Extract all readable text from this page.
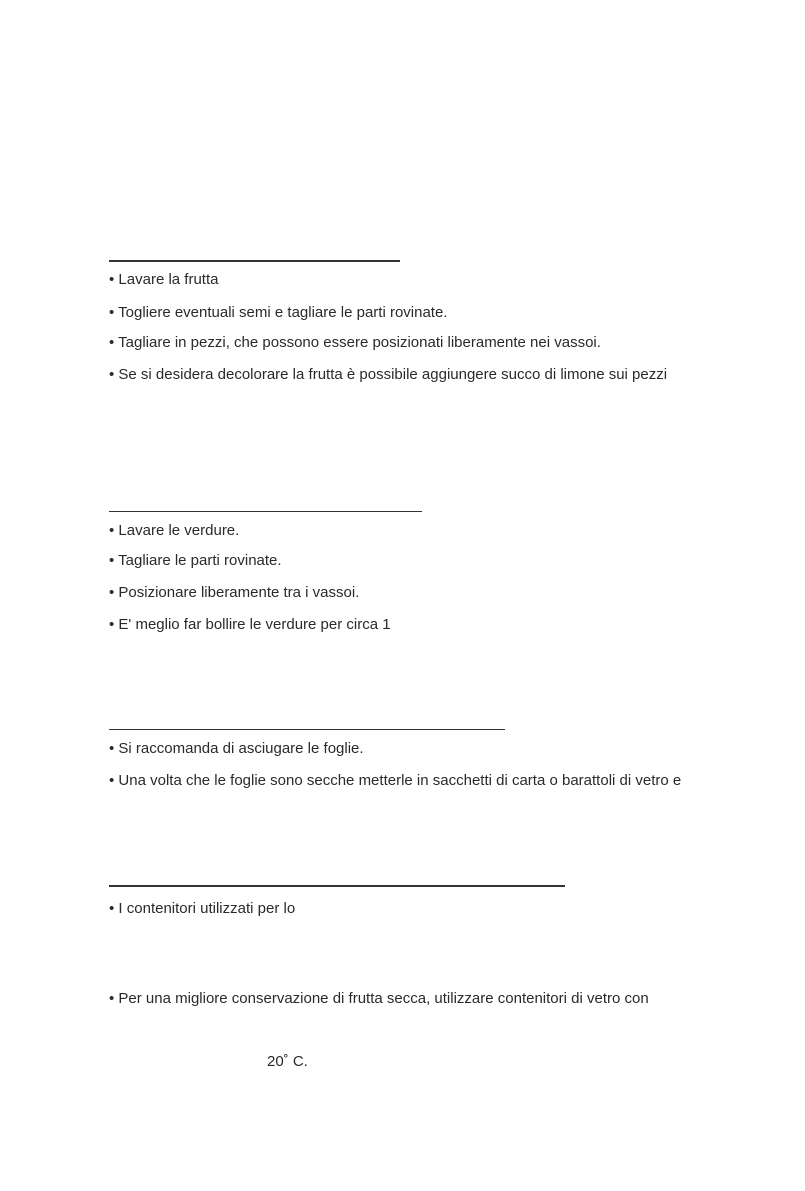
• Lavare la frutta
• Togliere eventuali semi e tagliare le parti rovinate.
• Tagliare in pezzi, che possono essere posizionati liberamente nei vassoi.
• Se si desidera decolorare la frutta è possibile aggiungere succo di limone sui pezzi
• Lavare le verdure.
• Tagliare le parti rovinate.
• Posizionare liberamente tra i vassoi.
• E' meglio far bollire le verdure per circa 1
• Si raccomanda di asciugare le foglie.
• Una volta che le foglie sono secche metterle in sacchetti di carta o barattoli di vetro e
• I contenitori utilizzati per lo
• Per una migliore conservazione di frutta secca, utilizzare contenitori di vetro con
20˚ C.
